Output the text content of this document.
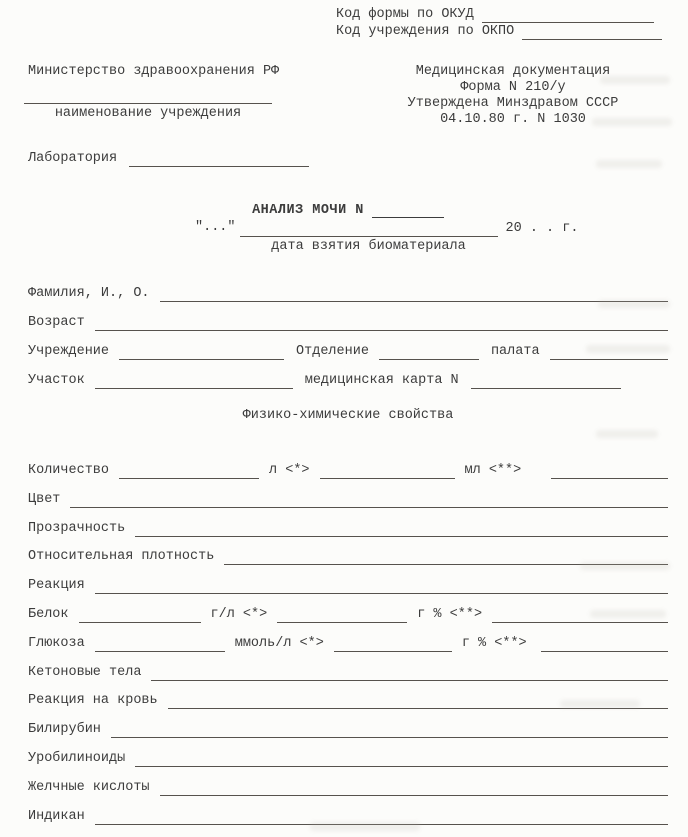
Код формы по ОКУД
Код учреждения по ОКПО
Министерство здравоохранения РФ
наименование учреждения
Медицинская документация
Форма N 210/у
Утверждена Минздравом СССР
04.10.80 г. N 1030
Лаборатория
АНАЛИЗ МОЧИ N
"..."
дата взятия биоматериала
20 . . г.
Фамилия, И., О.
Возраст
Учреждение	Отделение	палата
Участок	медицинская карта N
Физико-химические свойства
Количество	л <*>	мл <**>
Цвет
Прозрачность
Относительная плотность
Реакция
Белок	г/л <*>	г % <**>
Глюкоза	ммоль/л <*>	г % <**>
Кетоновые тела
Реакция на кровь
Билирубин
Уробилиноиды
Желчные кислоты
Индикан
